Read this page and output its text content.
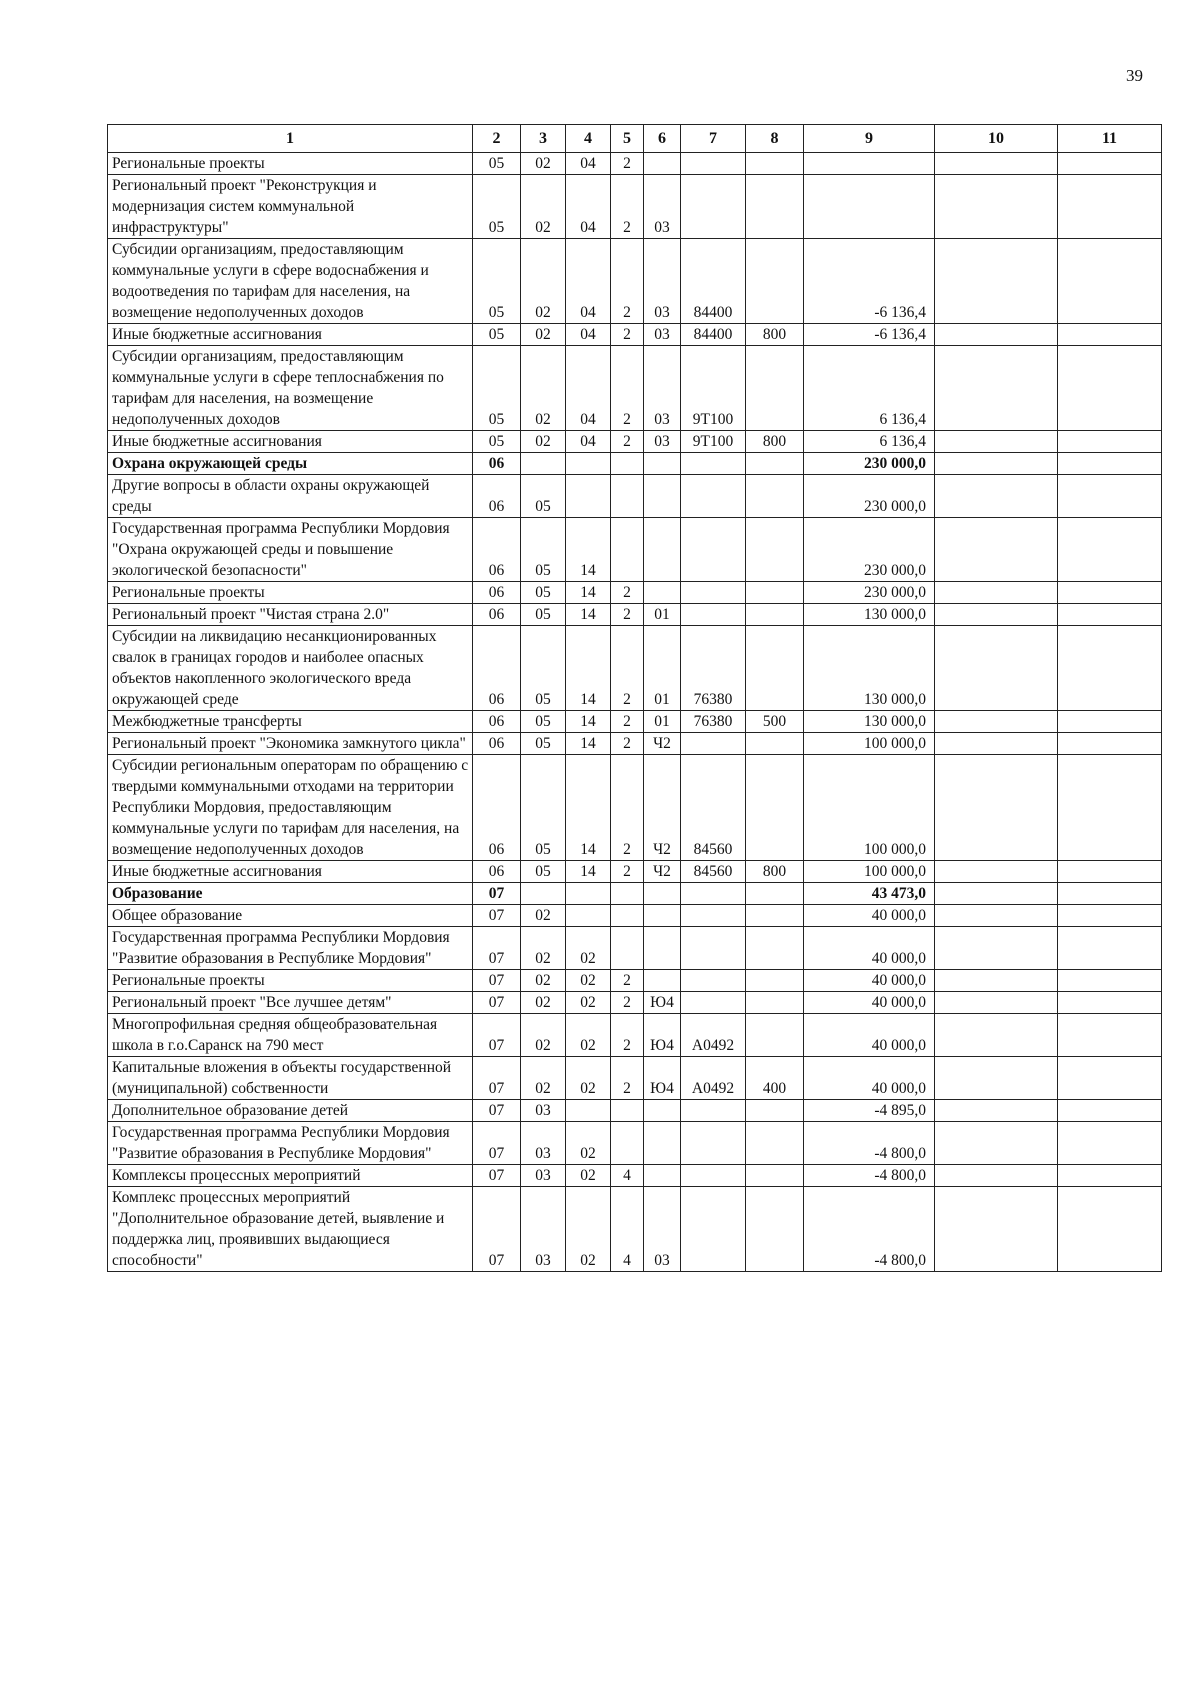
39
1	2	3	4	5	6	7	8	9	10	11
Региональные проекты	05	02	04	2						
Региональный проект "Реконструкция и модернизация систем коммунальной инфраструктуры"	05	02	04	2	03					
Субсидии организациям, предоставляющим коммунальные услуги в сфере водоснабжения и водоотведения по тарифам для населения, на возмещение недополученных доходов	05	02	04	2	03	84400		-6 136,4		
Иные бюджетные ассигнования	05	02	04	2	03	84400	800	-6 136,4		
Субсидии организациям, предоставляющим коммунальные услуги в сфере теплоснабжения по тарифам для населения, на возмещение недополученных доходов	05	02	04	2	03	9Т100		6 136,4		
Иные бюджетные ассигнования	05	02	04	2	03	9Т100	800	6 136,4		
Охрана окружающей среды	06							230 000,0		
Другие вопросы в области охраны окружающей среды	06	05						230 000,0		
Государственная программа Республики Мордовия "Охрана окружающей среды и повышение экологической безопасности"	06	05	14					230 000,0		
Региональные проекты	06	05	14	2				230 000,0		
Региональный проект "Чистая страна 2.0"	06	05	14	2	01			130 000,0		
Субсидии на ликвидацию несанкционированных свалок в границах городов и наиболее опасных объектов накопленного экологического вреда окружающей среде	06	05	14	2	01	76380		130 000,0		
Межбюджетные трансферты	06	05	14	2	01	76380	500	130 000,0		
Региональный проект "Экономика замкнутого цикла"	06	05	14	2	Ч2			100 000,0		
Субсидии региональным операторам по обращению с твердыми коммунальными отходами на территории Республики Мордовия, предоставляющим коммунальные услуги по тарифам для населения, на возмещение недополученных доходов	06	05	14	2	Ч2	84560		100 000,0		
Иные бюджетные ассигнования	06	05	14	2	Ч2	84560	800	100 000,0		
Образование	07							43 473,0		
Общее образование	07	02						40 000,0		
Государственная программа Республики Мордовия "Развитие образования в Республике Мордовия"	07	02	02					40 000,0		
Региональные проекты	07	02	02	2				40 000,0		
Региональный проект "Все лучшее детям"	07	02	02	2	Ю4			40 000,0		
Многопрофильная средняя общеобразовательная школа в г.о.Саранск на 790 мест	07	02	02	2	Ю4	А0492		40 000,0		
Капитальные вложения в объекты государственной (муниципальной) собственности	07	02	02	2	Ю4	А0492	400	40 000,0		
Дополнительное образование детей	07	03						-4 895,0		
Государственная программа Республики Мордовия "Развитие образования в Республике Мордовия"	07	03	02					-4 800,0		
Комплексы процессных мероприятий	07	03	02	4				-4 800,0		
Комплекс процессных мероприятий "Дополнительное образование детей, выявление и поддержка лиц, проявивших выдающиеся способности"	07	03	02	4	03			-4 800,0		
